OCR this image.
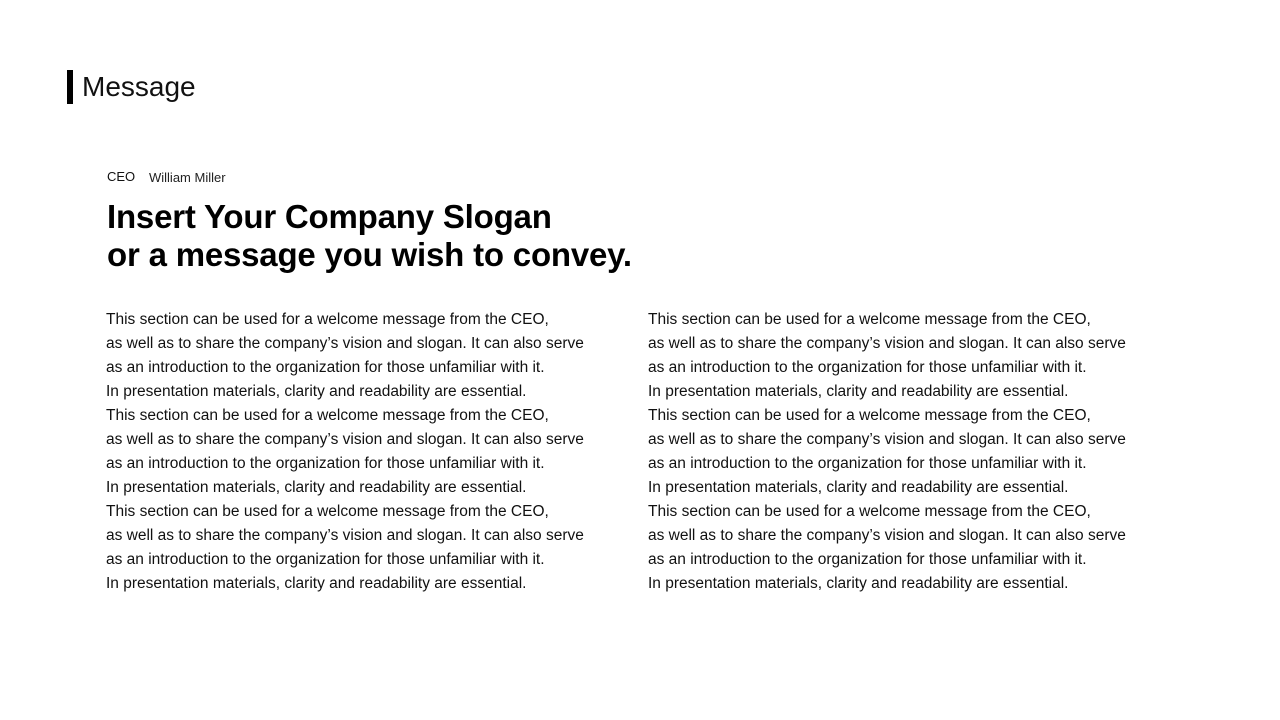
Message
CEO William Miller
Insert Your Company Slogan
or a message you wish to convey.
This section can be used for a welcome message from the CEO,
as well as to share the company’s vision and slogan. It can also serve
as an introduction to the organization for those unfamiliar with it.
In presentation materials, clarity and readability are essential.
This section can be used for a welcome message from the CEO,
as well as to share the company’s vision and slogan. It can also serve
as an introduction to the organization for those unfamiliar with it.
In presentation materials, clarity and readability are essential.
This section can be used for a welcome message from the CEO,
as well as to share the company’s vision and slogan. It can also serve
as an introduction to the organization for those unfamiliar with it.
In presentation materials, clarity and readability are essential.
This section can be used for a welcome message from the CEO,
as well as to share the company’s vision and slogan. It can also serve
as an introduction to the organization for those unfamiliar with it.
In presentation materials, clarity and readability are essential.
This section can be used for a welcome message from the CEO,
as well as to share the company’s vision and slogan. It can also serve
as an introduction to the organization for those unfamiliar with it.
In presentation materials, clarity and readability are essential.
This section can be used for a welcome message from the CEO,
as well as to share the company’s vision and slogan. It can also serve
as an introduction to the organization for those unfamiliar with it.
In presentation materials, clarity and readability are essential.
